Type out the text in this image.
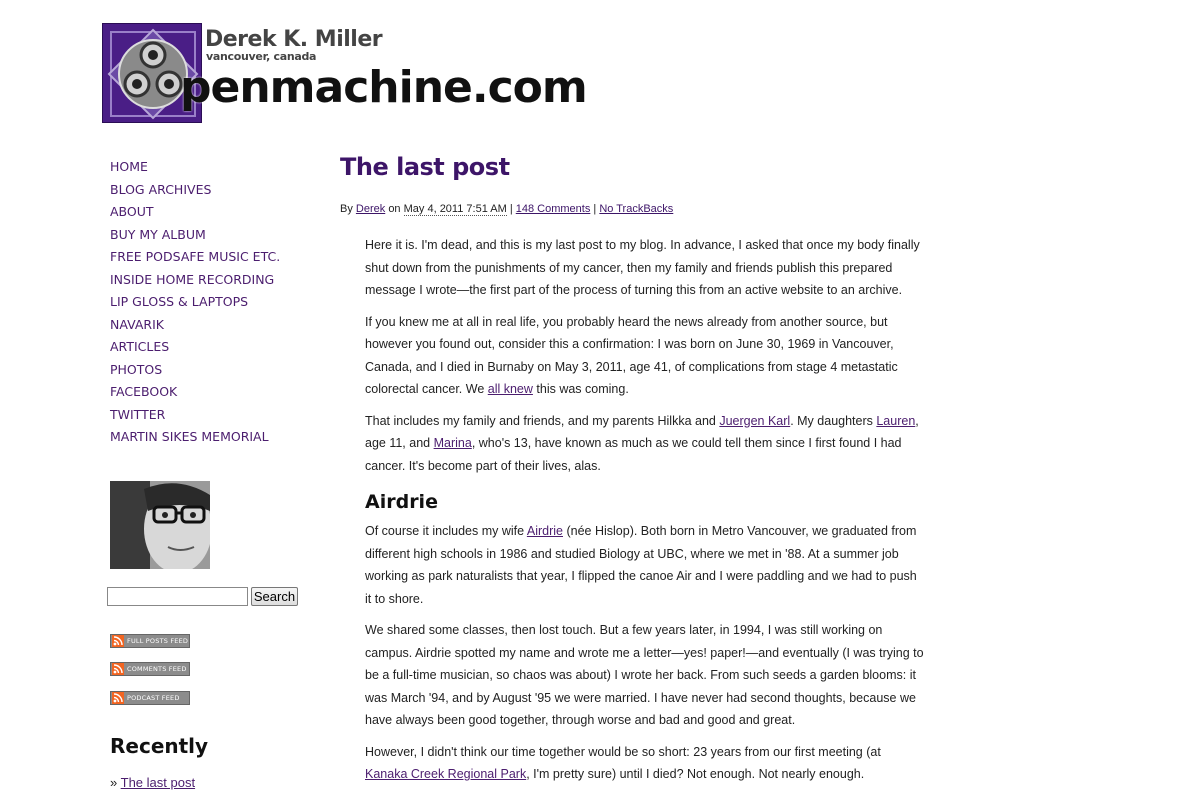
Derek K. Miller
vancouver, canada
penmachine.com
HOME
BLOG ARCHIVES
ABOUT
BUY MY ALBUM
FREE PODSAFE MUSIC ETC.
INSIDE HOME RECORDING
LIP GLOSS & LAPTOPS
NAVARIK
ARTICLES
PHOTOS
FACEBOOK
TWITTER
MARTIN SIKES MEMORIAL
Search
FULL POSTS FEED
COMMENTS FEED
PODCAST FEED
Recently
» The last post
The last post
By Derek on May 4, 2011 7:51 AM | 148 Comments | No TrackBacks

Here it is. I'm dead, and this is my last post to my blog. In advance, I asked that once my body finally shut down from the punishments of my cancer, then my family and friends publish this prepared message I wrote—the first part of the process of turning this from an active website to an archive.

If you knew me at all in real life, you probably heard the news already from another source, but however you found out, consider this a confirmation: I was born on June 30, 1969 in Vancouver, Canada, and I died in Burnaby on May 3, 2011, age 41, of complications from stage 4 metastatic colorectal cancer. We all knew this was coming.

That includes my family and friends, and my parents Hilkka and Juergen Karl. My daughters Lauren, age 11, and Marina, who's 13, have known as much as we could tell them since I first found I had cancer. It's become part of their lives, alas.

Airdrie

Of course it includes my wife Airdrie (née Hislop). Both born in Metro Vancouver, we graduated from different high schools in 1986 and studied Biology at UBC, where we met in '88. At a summer job working as park naturalists that year, I flipped the canoe Air and I were paddling and we had to push it to shore.

We shared some classes, then lost touch. But a few years later, in 1994, I was still working on campus. Airdrie spotted my name and wrote me a letter—yes! paper!—and eventually (I was trying to be a full-time musician, so chaos was about) I wrote her back. From such seeds a garden blooms: it was March '94, and by August '95 we were married. I have never had second thoughts, because we have always been good together, through worse and bad and good and great.

However, I didn't think our time together would be so short: 23 years from our first meeting (at Kanaka Creek Regional Park, I'm pretty sure) until I died? Not enough. Not nearly enough.
